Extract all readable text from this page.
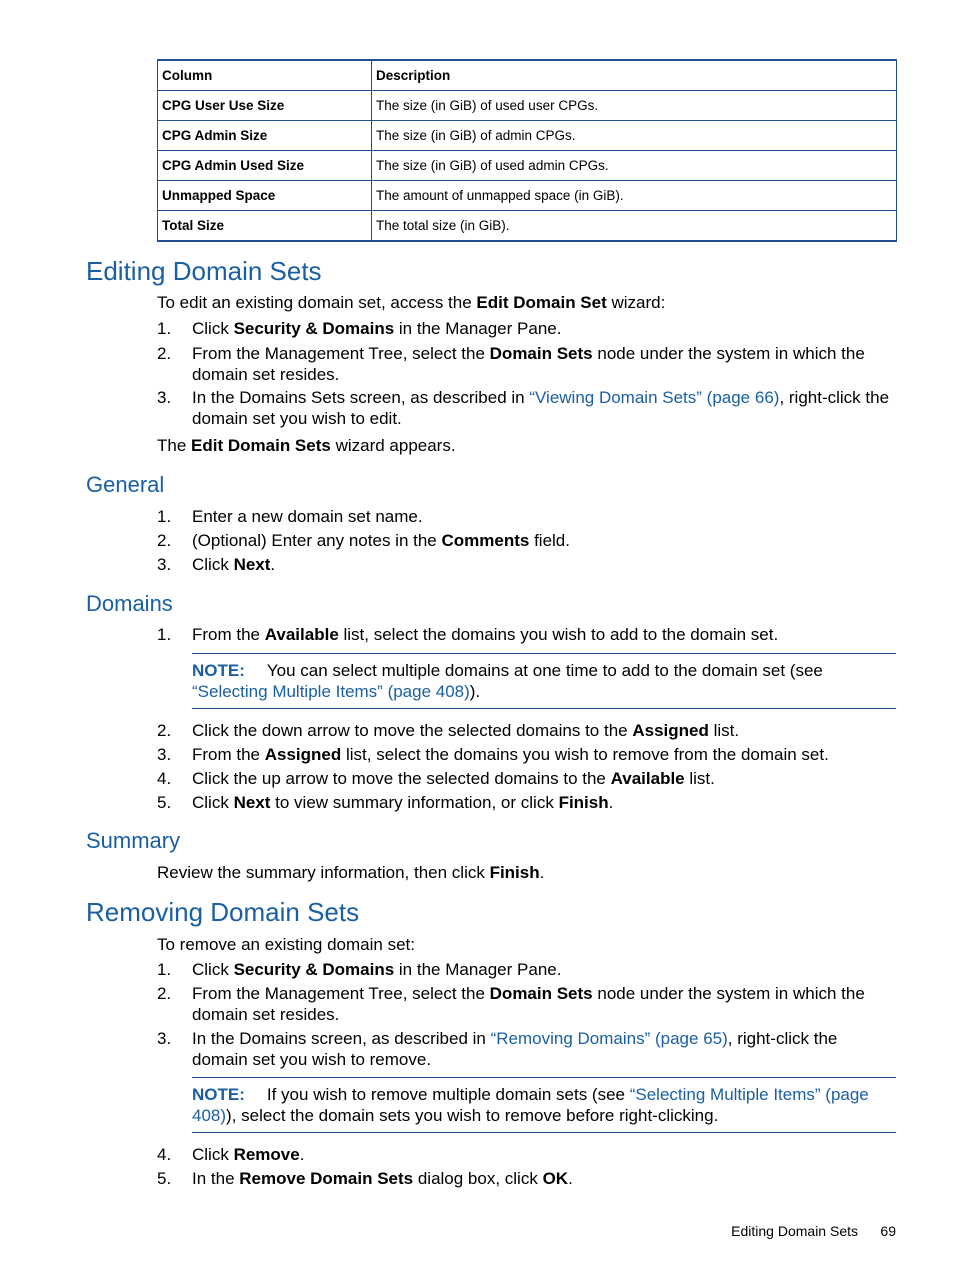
Column	Description
CPG User Use Size	The size (in GiB) of used user CPGs.
CPG Admin Size	The size (in GiB) of admin CPGs.
CPG Admin Used Size	The size (in GiB) of used admin CPGs.
Unmapped Space	The amount of unmapped space (in GiB).
Total Size	The total size (in GiB).
Editing Domain Sets
To edit an existing domain set, access the Edit Domain Set wizard:
1. Click Security & Domains in the Manager Pane.
2. From the Management Tree, select the Domain Sets node under the system in which the domain set resides.
3. In the Domains Sets screen, as described in “Viewing Domain Sets” (page 66), right-click the domain set you wish to edit.
The Edit Domain Sets wizard appears.
General
1. Enter a new domain set name.
2. (Optional) Enter any notes in the Comments field.
3. Click Next.
Domains
1. From the Available list, select the domains you wish to add to the domain set.
NOTE: You can select multiple domains at one time to add to the domain set (see “Selecting Multiple Items” (page 408)).
2. Click the down arrow to move the selected domains to the Assigned list.
3. From the Assigned list, select the domains you wish to remove from the domain set.
4. Click the up arrow to move the selected domains to the Available list.
5. Click Next to view summary information, or click Finish.
Summary
Review the summary information, then click Finish.
Removing Domain Sets
To remove an existing domain set:
1. Click Security & Domains in the Manager Pane.
2. From the Management Tree, select the Domain Sets node under the system in which the domain set resides.
3. In the Domains screen, as described in “Removing Domains” (page 65), right-click the domain set you wish to remove.
NOTE: If you wish to remove multiple domain sets (see “Selecting Multiple Items” (page 408)), select the domain sets you wish to remove before right-clicking.
4. Click Remove.
5. In the Remove Domain Sets dialog box, click OK.
Editing Domain Sets 69
